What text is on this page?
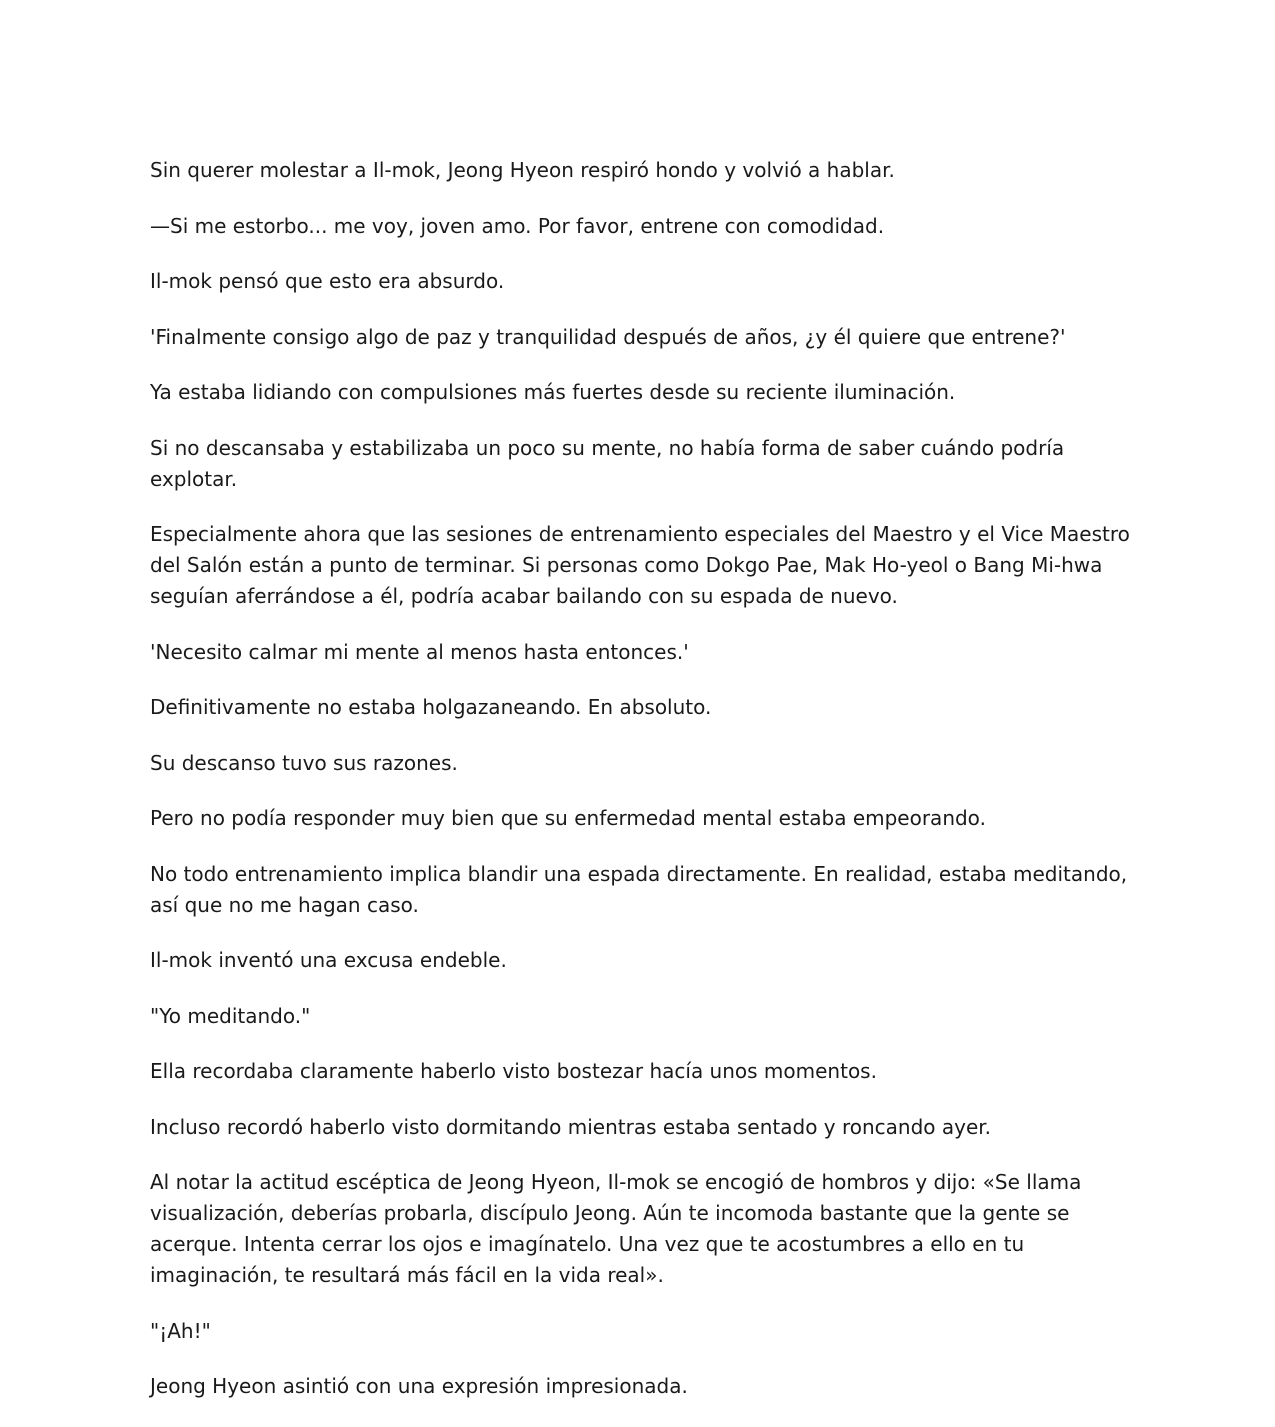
Sin querer molestar a Il-mok, Jeong Hyeon respiró hondo y volvió a hablar.

—Si me estorbo... me voy, joven amo. Por favor, entrene con comodidad.

Il-mok pensó que esto era absurdo.

'Finalmente consigo algo de paz y tranquilidad después de años, ¿y él quiere que entrene?'

Ya estaba lidiando con compulsiones más fuertes desde su reciente iluminación.

Si no descansaba y estabilizaba un poco su mente, no había forma de saber cuándo podría explotar.

Especialmente ahora que las sesiones de entrenamiento especiales del Maestro y el Vice Maestro del Salón están a punto de terminar. Si personas como Dokgo Pae, Mak Ho-yeol o Bang Mi-hwa seguían aferrándose a él, podría acabar bailando con su espada de nuevo.

'Necesito calmar mi mente al menos hasta entonces.'

Definitivamente no estaba holgazaneando. En absoluto.

Su descanso tuvo sus razones.

Pero no podía responder muy bien que su enfermedad mental estaba empeorando.

No todo entrenamiento implica blandir una espada directamente. En realidad, estaba meditando, así que no me hagan caso.

Il-mok inventó una excusa endeble.

"Yo meditando."

Ella recordaba claramente haberlo visto bostezar hacía unos momentos.

Incluso recordó haberlo visto dormitando mientras estaba sentado y roncando ayer.

Al notar la actitud escéptica de Jeong Hyeon, Il-mok se encogió de hombros y dijo: «Se llama visualización, deberías probarla, discípulo Jeong. Aún te incomoda bastante que la gente se acerque. Intenta cerrar los ojos e imagínatelo. Una vez que te acostumbres a ello en tu imaginación, te resultará más fácil en la vida real».

"¡Ah!"

Jeong Hyeon asintió con una expresión impresionada.
